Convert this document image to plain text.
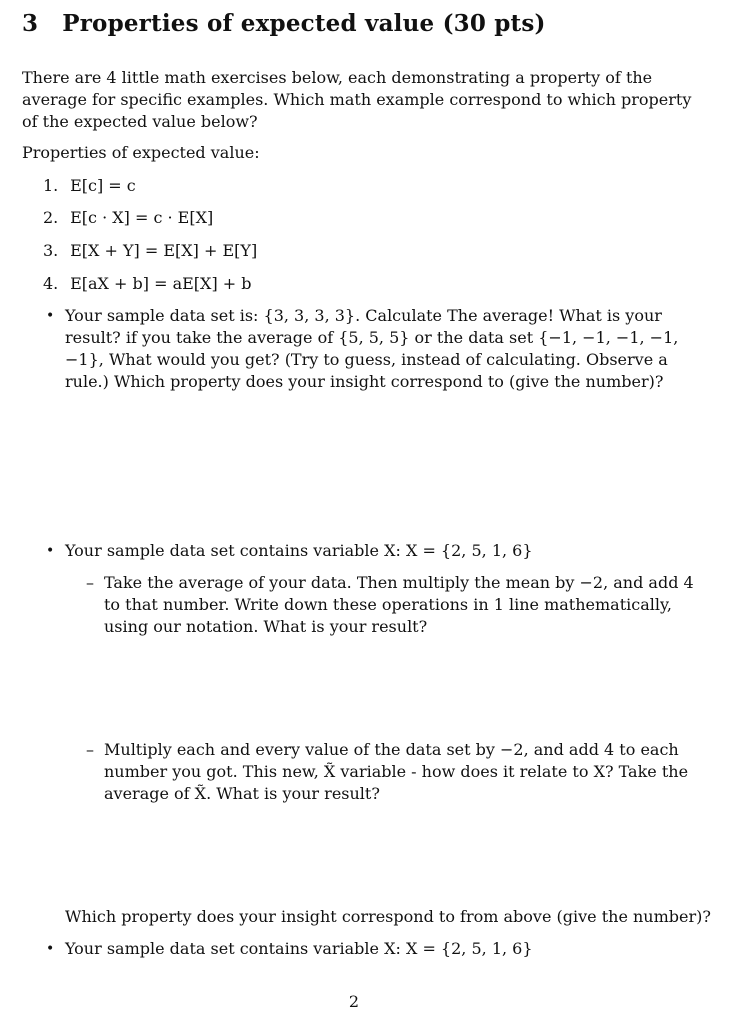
3 Properties of expected value (30 pts)
There are 4 little math exercises below, each demonstrating a property of the average for specific examples. Which math example correspond to which property of the expected value below?
Properties of expected value:
1. E[c] = c
2. E[c · X] = c · E[X]
3. E[X + Y] = E[X] + E[Y]
4. E[aX + b] = aE[X] + b
• Your sample data set is: {3, 3, 3, 3}. Calculate The average! What is your result? if you take the average of {5, 5, 5} or the data set {−1, −1, −1, −1, −1}, What would you get? (Try to guess, instead of calculating. Observe a rule.) Which property does your insight correspond to (give the number)?
• Your sample data set contains variable X: X = {2, 5, 1, 6}
– Take the average of your data. Then multiply the mean by −2, and add 4 to that number. Write down these operations in 1 line mathematically, using our notation. What is your result?
– Multiply each and every value of the data set by −2, and add 4 to each number you got. This new, X̃ variable - how does it relate to X? Take the average of X̃. What is your result?
Which property does your insight correspond to from above (give the number)?
• Your sample data set contains variable X: X = {2, 5, 1, 6}
2
